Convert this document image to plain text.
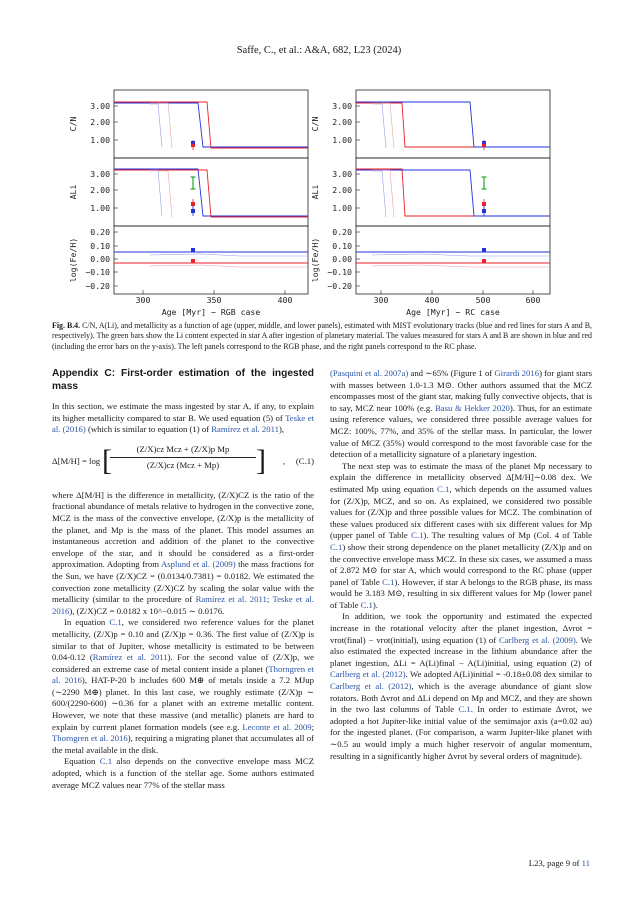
Saffe, C., et al.: A&A, 682, L23 (2024)
3.00
2.00
1.00
C/N
3.00
2.00
1.00
ALi
0.20
0.10
0.00
−0.10
−0.20
log(Fe/H)
300	350	400
Age [Myr] − RGB case
3.00
2.00
1.00
C/N
3.00
2.00
1.00
ALi
0.20
0.10
0.00
−0.10
−0.20
log(Fe/H)
300	400	500	600
Age [Myr] − RC case
Fig. B.4. C/N, A(Li), and metallicity as a function of age (upper, middle, and lower panels), estimated with MIST evolutionary tracks (blue and red lines for stars A and B, respectively). The green bars show the Li content expected in star A after ingestion of planetary material. The values measured for stars A and B are shown in blue and red (including the error bars on the y-axis). The left panels correspond to the RGB phase, and the right panels correspond to the RC phase.
Appendix C: First-order estimation of the ingested mass

In this section, we estimate the mass ingested by star A, if any, to explain its higher metallicity compared to star B. We used equation (5) of Teske et al. (2016) (which is similar to equation (1) of Ramírez et al. 2011),

Δ[M/H] = log [	(Z/X)cz Mcz + (Z/X)p Mp
(Z/X)cz (Mcz + Mp)	] ,     (C.1)

where Δ[M/H] is the difference in metallicity, (Z/X)CZ is the ratio of the fractional abundance of metals relative to hydrogen in the convective zone, MCZ is the mass of the convective envelope, (Z/X)p is the metallicity of the planet, and Mp is the mass of the planet. This model assumes an instantaneous accretion and addition of the planet to the convective envelope of the star, and it should be considered as a first-order approximation. Adopting from Asplund et al. (2009) the mass fractions for the Sun, we have (Z/X)CZ = (0.0134/0.7381) = 0.0182. We estimated the convection zone metallicity (Z/X)CZ by scaling the solar value with the metallicity (similar to the procedure of Ramírez et al. 2011; Teske et al. 2016), (Z/X)CZ = 0.0182 x 10^−0.015 ∼ 0.0176.

In equation C.1, we considered two reference values for the planet metallicity, (Z/X)p = 0.10 and (Z/X)p = 0.36. The first value of (Z/X)p is similar to that of Jupiter, whose metallicity is estimated to be between 0.04-0.12 (Ramírez et al. 2011). For the second value of (Z/X)p, we considered an extreme case of metal content inside a planet (Thorngren et al. 2016), HAT-P-20 b includes 600 M⊕ of metals inside a 7.2 MJup (∼2290 M⊕) planet. In this last case, we roughly estimate (Z/X)p ∼ 600/(2290-600) ∼0.36 for a planet with an extreme metallic content. However, we note that these massive (and metallic) planets are hard to explain by current planet formation models (see e.g. Leconte et al. 2009; Thorngren et al. 2016), requiring a migrating planet that accumulates all of the metal available in the disk.

Equation C.1 also depends on the convective envelope mass MCZ adopted, which is a function of the stellar age. Some authors estimated average MCZ values near 77% of the stellar mass

(Pasquini et al. 2007a) and ∼65% (Figure 1 of Girardi 2016) for giant stars with masses between 1.0-1.3 M⊙. Other authors assumed that the MCZ encompasses most of the giant star, making fully convective objects, that is to say, MCZ near 100% (e.g. Basu & Hekker 2020). Thus, for an estimate using reference values, we considered three possible average values for MCZ: 100%, 77%, and 35% of the stellar mass. In particular, the lower value of MCZ (35%) would correspond to the most favorable case for the detection of a metallicity signature of a planetary ingestion.

The next step was to estimate the mass of the planet Mp necessary to explain the difference in metallicity observed Δ[M/H]∼0.08 dex. We estimated Mp using equation C.1, which depends on the assumed values for (Z/X)p, MCZ, and so on. As explained, we considered two possible values for (Z/X)p and three possible values for MCZ. The combination of these values produced six different cases with six different values for Mp (upper panel of Table C.1). The resulting values of Mp (Col. 4 of Table C.1) show their strong dependence on the planet metallicity (Z/X)p and on the convective envelope mass MCZ. In these six cases, we assumed a mass of 2.872 M⊙ for star A, which would correspond to the RC phase (upper panel of Table C.1). However, if star A belongs to the RGB phase, its mass would be 3.183 M⊙, resulting in six different values for Mp (lower panel of Table C.1).

In addition, we took the opportunity and estimated the expected increase in the rotational velocity after the planet ingestion, Δvrot = vrot(final) − vrot(initial), using equation (1) of Carlberg et al. (2009). We also estimated the expected increase in the lithium abundance after the planet ingestion, ΔLi = A(Li)final − A(Li)initial, using equation (2) of Carlberg et al. (2012). We adopted A(Li)initial = -0.18±0.08 dex similar to Carlberg et al. (2012), which is the average abundance of giant slow rotators. Both Δvrot and ΔLi depend on Mp and MCZ, and they are shown in the two last columns of Table C.1. In order to estimate Δvrot, we adopted a hot Jupiter-like initial value of the semimajor axis (a=0.02 au) for the ingested planet. (For comparison, a warm Jupiter-like planet with ∼0.5 au would imply a much higher reservoir of angular momentum, resulting in a significantly higher Δvrot by several orders of magnitude).

L23, page 9 of 11
